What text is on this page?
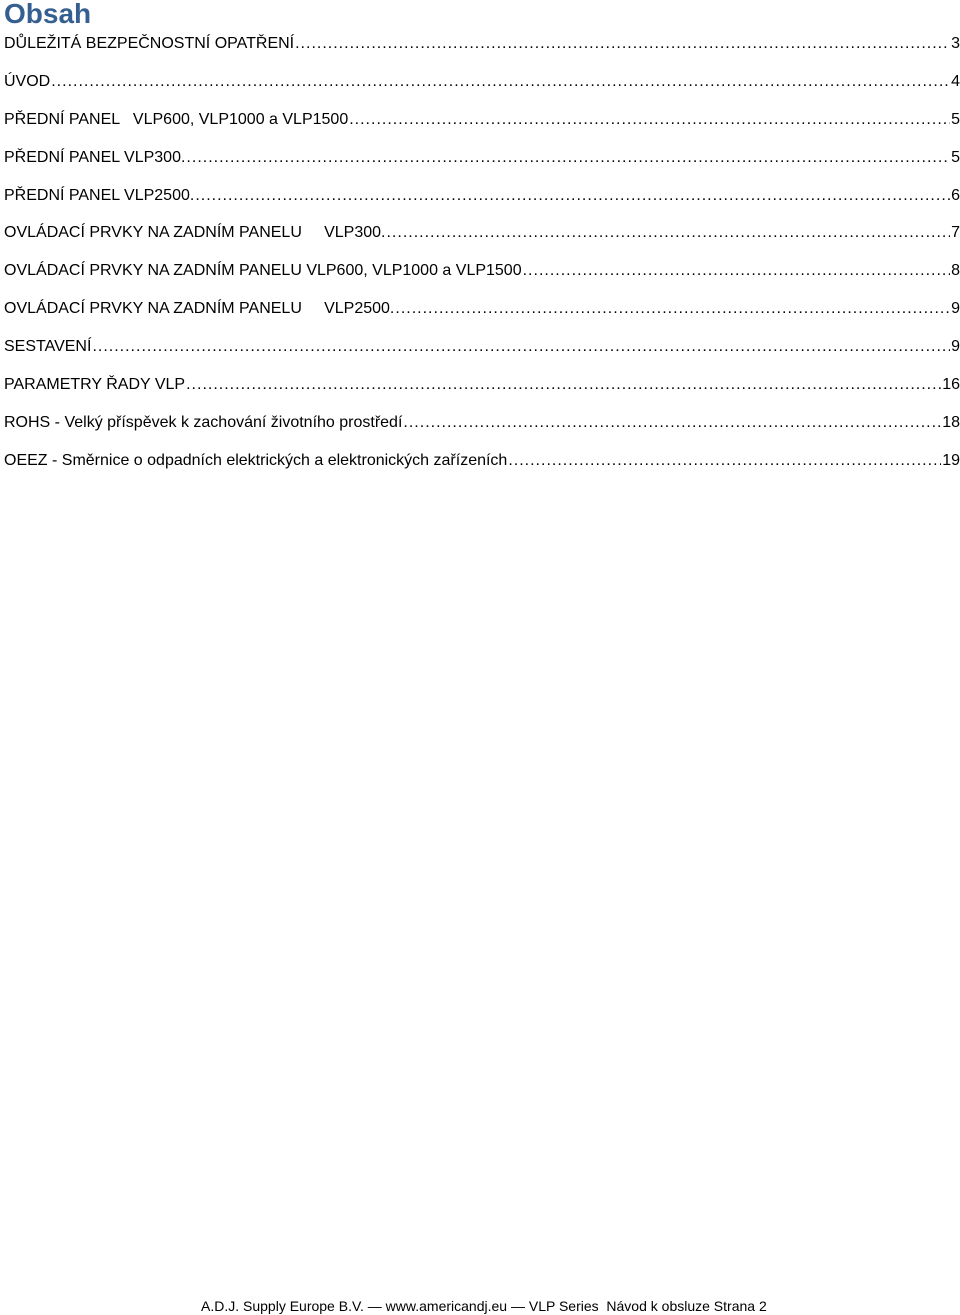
Obsah
DŮLEŽITÁ BEZPEČNOSTNÍ OPATŘENÍ .....	3
ÚVOD .....	4
PŘEDNÍ PANEL   VLP600, VLP1000 a VLP1500 .....	5
PŘEDNÍ PANEL VLP300. .....	5
PŘEDNÍ PANEL VLP2500. .....	6
OVLÁDACÍ PRVKY NA ZADNÍM PANELU     VLP300. .....	7
OVLÁDACÍ PRVKY NA ZADNÍM PANELU VLP600, VLP1000 a VLP1500 .....	8
OVLÁDACÍ PRVKY NA ZADNÍM PANELU     VLP2500. .....	9
SESTAVENÍ .....	9
PARAMETRY ŘADY VLP .....	16
ROHS - Velký příspěvek k zachování životního prostředí .....	18
OEEZ - Směrnice o odpadních elektrických a elektronických zařízeních .....	19
A.D.J. Supply Europe B.V. — www.americandj.eu — VLP Series  Návod k obsluze Strana 2
